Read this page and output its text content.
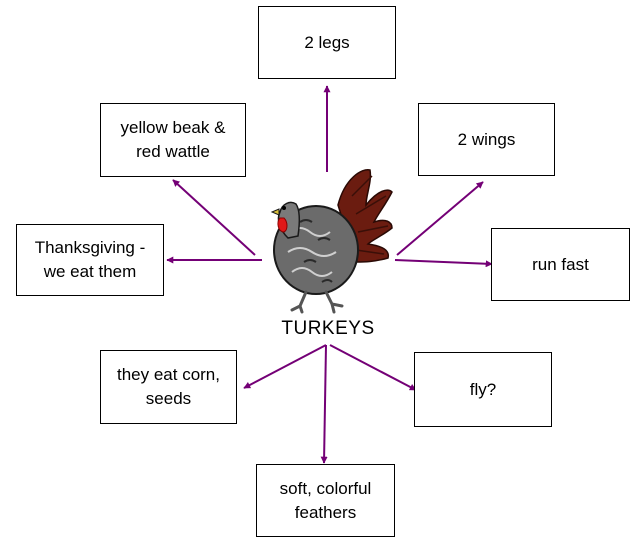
TURKEYS
2 legs
yellow beak &
red wattle
2 wings
Thanksgiving -
we eat them	run fast
they eat corn,
seeds	fly?
soft, colorful
feathers
